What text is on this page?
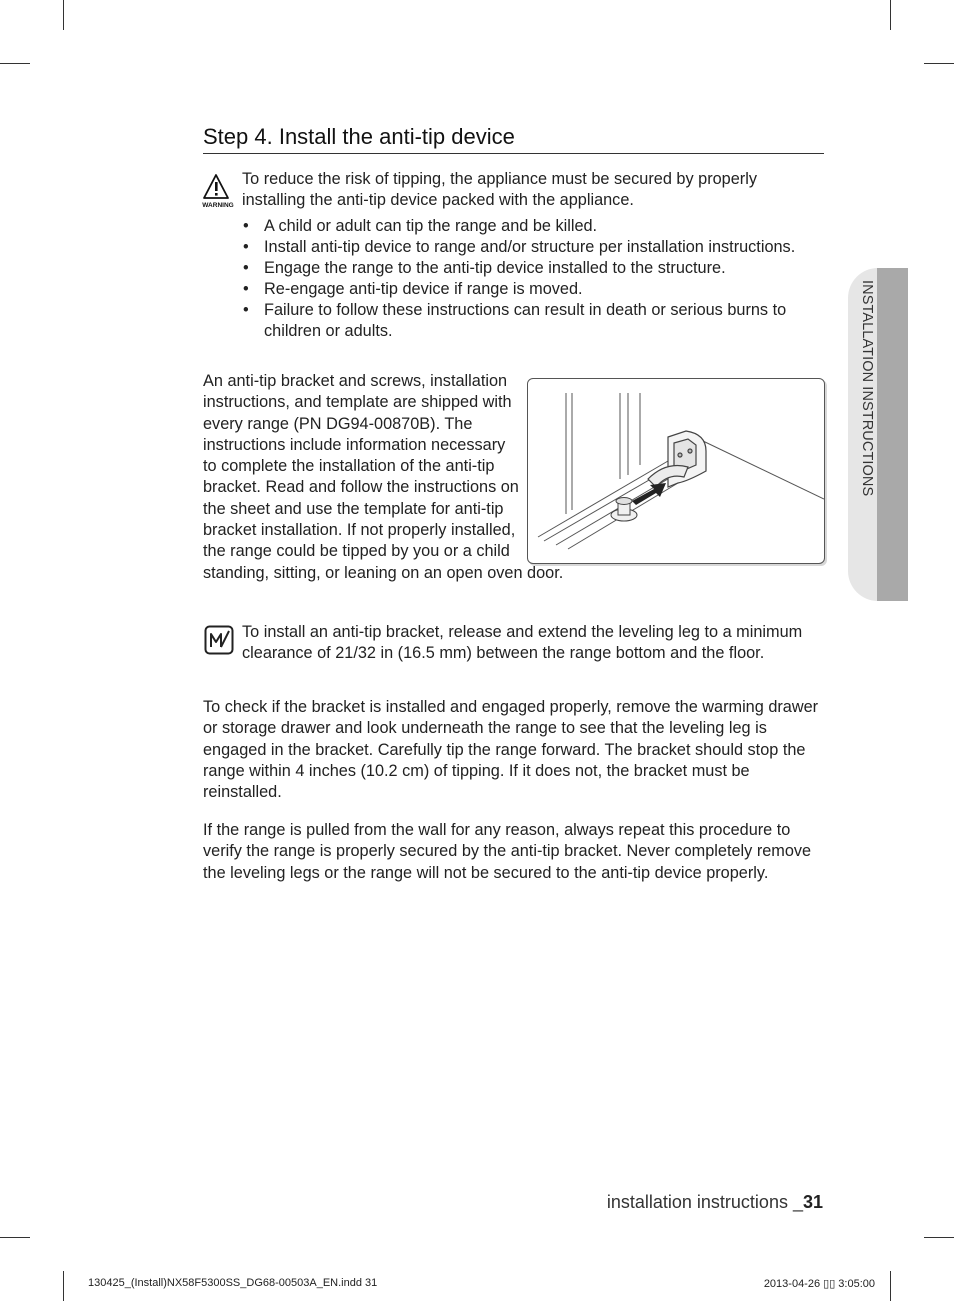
INSTALLATION INSTRUCTIONS
Step 4. Install the anti-tip device
WARNING
To reduce the risk of tipping, the appliance must be secured by properly installing the anti-tip device packed with the appliance.
• A child or adult can tip the range and be killed.
• Install anti-tip device to range and/or structure per installation instructions.
• Engage the range to the anti-tip device installed to the structure.
• Re-engage anti-tip device if range is moved.
• Failure to follow these instructions can result in death or serious burns to children or adults.
An anti-tip bracket and screws, installation instructions, and template are shipped with every range (PN DG94-00870B). The instructions include information necessary to complete the installation of the anti-tip bracket. Read and follow the instructions on the sheet and use the template for anti-tip bracket installation. If not properly installed, the range could be tipped by you or a child
standing, sitting, or leaning on an open oven door.
To install an anti-tip bracket, release and extend the leveling leg to a minimum clearance of 21/32 in (16.5 mm) between the range bottom and the floor.
To check if the bracket is installed and engaged properly, remove the warming drawer or storage drawer and look underneath the range to see that the leveling leg is engaged in the bracket. Carefully tip the range forward. The bracket should stop the range within 4 inches (10.2 cm) of tipping. If it does not, the bracket must be reinstalled.
If the range is pulled from the wall for any reason, always repeat this procedure to verify the range is properly secured by the anti-tip bracket. Never completely remove the leveling legs or the range will not be secured to the anti-tip device properly.
installation instructions _31
130425_(Install)NX58F5300SS_DG68-00503A_EN.indd 31	2013-04-26 ▯▯ 3:05:00
